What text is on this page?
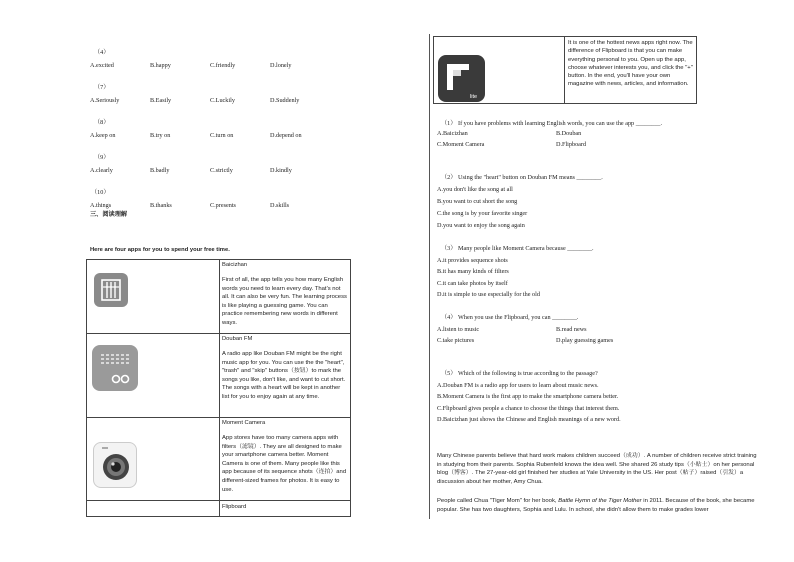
（4）
A.excited	B.happy	C.friendly	D.lonely
（7）
A.Seriously	B.Easily	C.Luckily	D.Suddenly
（8）
A.keep on	B.try on	C.turn on	D.depend on
（9）
A.clearly	B.badly	C.strictly	D.kindly
（10）
A.things	B.thanks	C.presents	D.skills
三、阅读理解
Here are four apps for you to spend your free time.
Baicizhan
First of all, the app tells you how many English words you need to learn every day. That's not all. It can also be very fun. The learning process is like playing a guessing game. You can practice remembering new words in different ways.
Douban FM
A radio app like Douban FM might be the right music app for you. You can use the the "heart", "trash" and "skip" buttons（按钮）to mark the songs you like, don't like, and want to cut short. The songs with a heart will be kept in another list for you to enjoy again at any time.
Moment Camera
App stores have too many camera apps with filters（滤镜）. They are all designed to make your smartphone camera better. Moment Camera is one of them. Many people like this app because of its sequence shots（连拍）and different-sized frames for photos. It is easy to use.
Flipboard
lite
It is one of the hottest news apps right now. The difference of Flipboard is that you can make everything personal to you. Open up the app, choose whatever interests you, and click the "+" button. In the end, you'll have your own magazine with news, articles, and information.
（1） If you have problems with learning English words, you can use the app ________.
A.Baicizhan	B.Douban
C.Moment Camera	D.Flipboard
（2） Using the "heart" button on Douban FM means ________.
A.you don't like the song at all
B.you want to cut short the song
C.the song is by your favorite singer
D.you want to enjoy the song again
（3） Many people like Moment Camera because ________.
A.it provides sequence shots
B.it has many kinds of filters
C.it can take photos by itself
D.it is simple to use especially for the old
（4） When you use the Flipboard, you can ________.
A.listen to music	B.read news
C.take pictures	D.play guessing games
（5） Which of the following is true according to the passage?
A.Douban FM is a radio app for users to learn about music news.
B.Moment Camera is the first app to make the smartphone camera better.
C.Flipboard gives people a chance to choose the things that interest them.
D.Baicizhan just shows the Chinese and English meanings of a new word.
Many Chinese parents believe that hard work makes children succeed（成功）. A number of children receive strict training in studying from their parents. Sophia Rubenfeld knows the idea well. She shared 26 study tips（小贴士）on her personal blog（博客）. The 27-year-old girl finished her studies at Yale University in the US. Her post（帖子）raised（引发）a discussion about her mother, Amy Chua.
People called Chua "Tiger Mom" for her book, Battle Hymn of the Tiger Mother in 2011. Because of the book, she became popular. She has two daughters, Sophia and Lulu. In school, she didn't allow them to make grades lower
